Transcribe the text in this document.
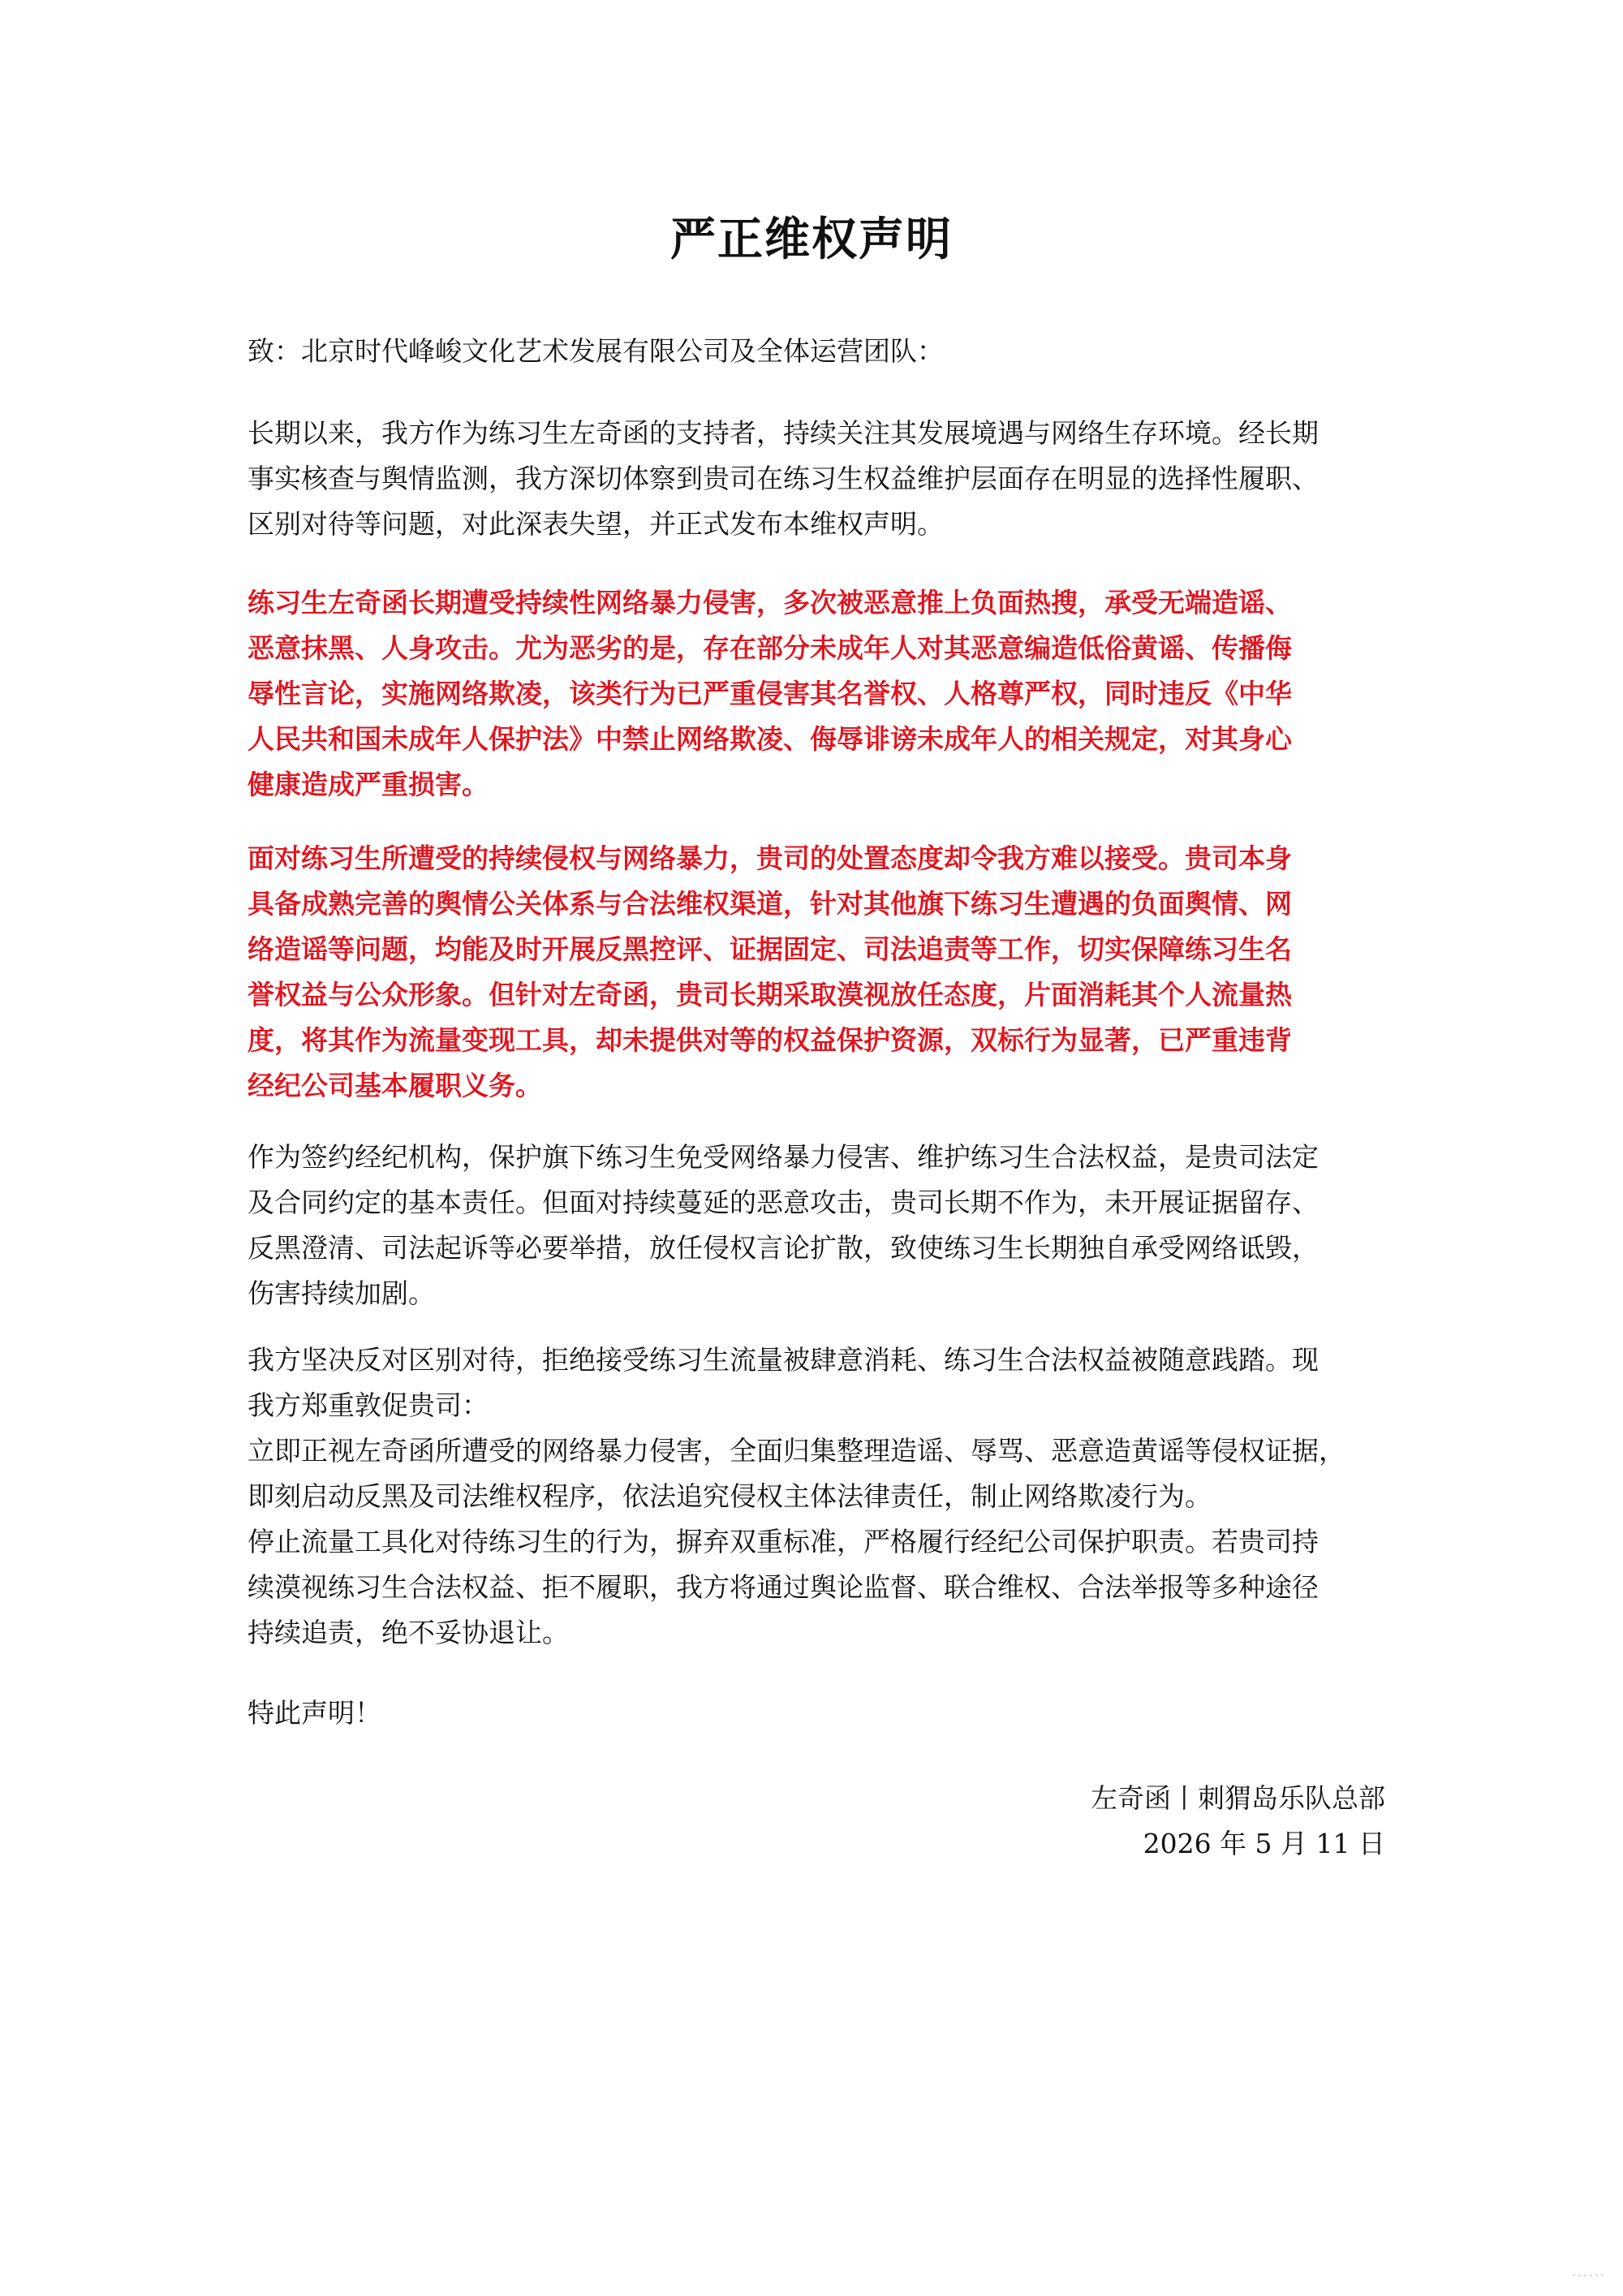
严正维权声明
致：北京时代峰峻文化艺术发展有限公司及全体运营团队：
长期以来，我方作为练习生左奇函的支持者，持续关注其发展境遇与网络生存环境。经长期
事实核查与舆情监测，我方深切体察到贵司在练习生权益维护层面存在明显的选择性履职、
区别对待等问题，对此深表失望，并正式发布本维权声明。
练习生左奇函长期遭受持续性网络暴力侵害，多次被恶意推上负面热搜，承受无端造谣、
恶意抹黑、人身攻击。尤为恶劣的是，存在部分未成年人对其恶意编造低俗黄谣、传播侮
辱性言论，实施网络欺凌，该类行为已严重侵害其名誉权、人格尊严权，同时违反《中华
人民共和国未成年人保护法》中禁止网络欺凌、侮辱诽谤未成年人的相关规定，对其身心
健康造成严重损害。
面对练习生所遭受的持续侵权与网络暴力，贵司的处置态度却令我方难以接受。贵司本身
具备成熟完善的舆情公关体系与合法维权渠道，针对其他旗下练习生遭遇的负面舆情、网
络造谣等问题，均能及时开展反黑控评、证据固定、司法追责等工作，切实保障练习生名
誉权益与公众形象。但针对左奇函，贵司长期采取漠视放任态度，片面消耗其个人流量热
度，将其作为流量变现工具，却未提供对等的权益保护资源，双标行为显著，已严重违背
经纪公司基本履职义务。
作为签约经纪机构，保护旗下练习生免受网络暴力侵害、维护练习生合法权益，是贵司法定
及合同约定的基本责任。但面对持续蔓延的恶意攻击，贵司长期不作为，未开展证据留存、
反黑澄清、司法起诉等必要举措，放任侵权言论扩散，致使练习生长期独自承受网络诋毁，
伤害持续加剧。
我方坚决反对区别对待，拒绝接受练习生流量被肆意消耗、练习生合法权益被随意践踏。现
我方郑重敦促贵司：
立即正视左奇函所遭受的网络暴力侵害，全面归集整理造谣、辱骂、恶意造黄谣等侵权证据，
即刻启动反黑及司法维权程序，依法追究侵权主体法律责任，制止网络欺凌行为。
停止流量工具化对待练习生的行为，摒弃双重标准，严格履行经纪公司保护职责。若贵司持
续漠视练习生合法权益、拒不履职，我方将通过舆论监督、联合维权、合法举报等多种途径
持续追责，绝不妥协退让。
特此声明！
左奇函丨刺猬岛乐队总部
2026 年 5 月 11 日
......
